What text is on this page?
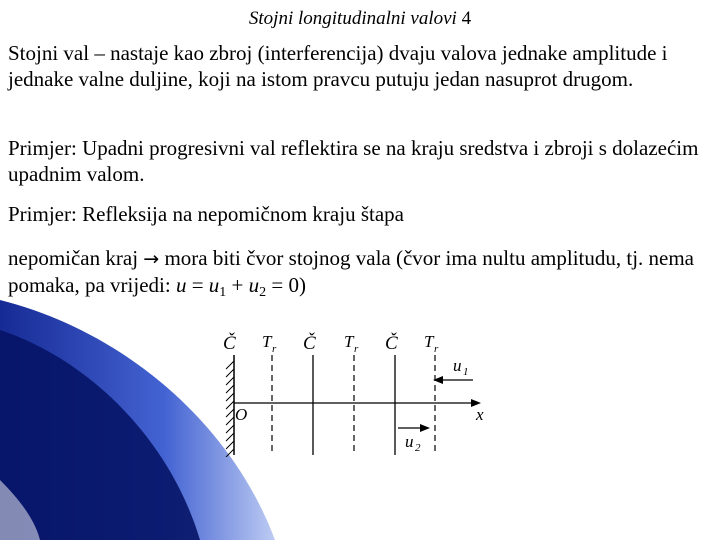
Stojni longitudinalni valovi 4

Stojni val – nastaje kao zbroj (interferencija) dvaju valova jednake amplitude i jednake valne duljine, koji na istom pravcu putuju jedan nasuprot drugom.

Primjer: Upadni progresivni val reflektira se na kraju sredstva i zbroji s dolazećim upadnim valom.

Primjer: Refleksija na nepomičnom kraju štapa

nepomičan kraj → mora biti čvor stojnog vala (čvor ima nultu amplitudu, tj. nema pomaka, pa vrijedi: $u = u_1 + u_2 = 0$)

Č T r Č T r Č T r
u 1
O	x
u 2
